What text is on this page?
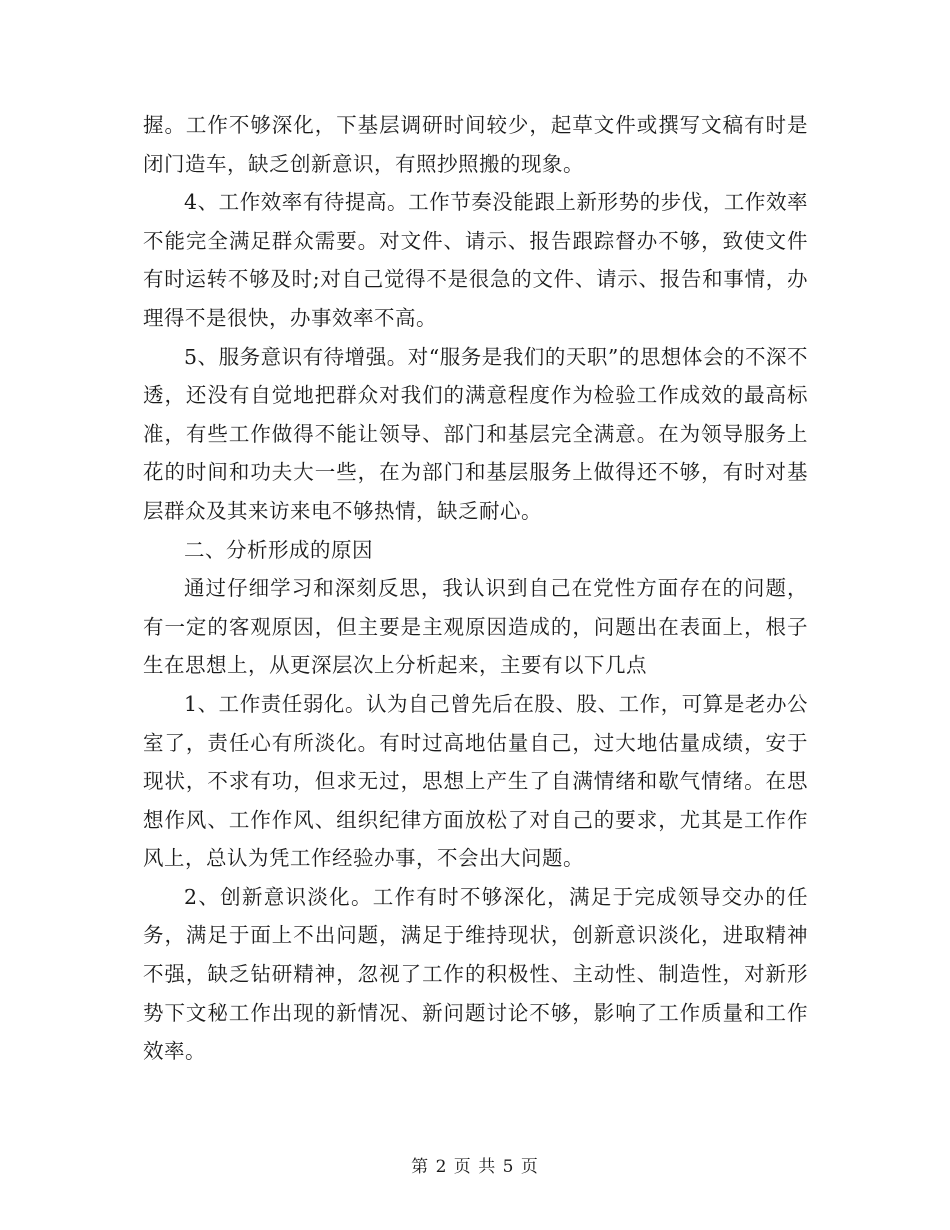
握。工作不够深化，下基层调研时间较少，起草文件或撰写文稿有时是闭门造车，缺乏创新意识，有照抄照搬的现象。

4、工作效率有待提高。工作节奏没能跟上新形势的步伐，工作效率不能完全满足群众需要。对文件、请示、报告跟踪督办不够，致使文件有时运转不够及时;对自己觉得不是很急的文件、请示、报告和事情，办理得不是很快，办事效率不高。

5、服务意识有待增强。对“服务是我们的天职”的思想体会的不深不透，还没有自觉地把群众对我们的满意程度作为检验工作成效的最高标准，有些工作做得不能让领导、部门和基层完全满意。在为领导服务上花的时间和功夫大一些，在为部门和基层服务上做得还不够，有时对基层群众及其来访来电不够热情，缺乏耐心。

二、分析形成的原因

通过仔细学习和深刻反思，我认识到自己在党性方面存在的问题，有一定的客观原因，但主要是主观原因造成的，问题出在表面上，根子生在思想上，从更深层次上分析起来，主要有以下几点

1、工作责任弱化。认为自己曾先后在股、股、工作，可算是老办公室了，责任心有所淡化。有时过高地估量自己，过大地估量成绩，安于现状，不求有功，但求无过，思想上产生了自满情绪和歇气情绪。在思想作风、工作作风、组织纪律方面放松了对自己的要求，尤其是工作作风上，总认为凭工作经验办事，不会出大问题。

2、创新意识淡化。工作有时不够深化，满足于完成领导交办的任务，满足于面上不出问题，满足于维持现状，创新意识淡化，进取精神不强，缺乏钻研精神，忽视了工作的积极性、主动性、制造性，对新形势下文秘工作出现的新情况、新问题讨论不够，影响了工作质量和工作效率。

第 2 页 共 5 页
